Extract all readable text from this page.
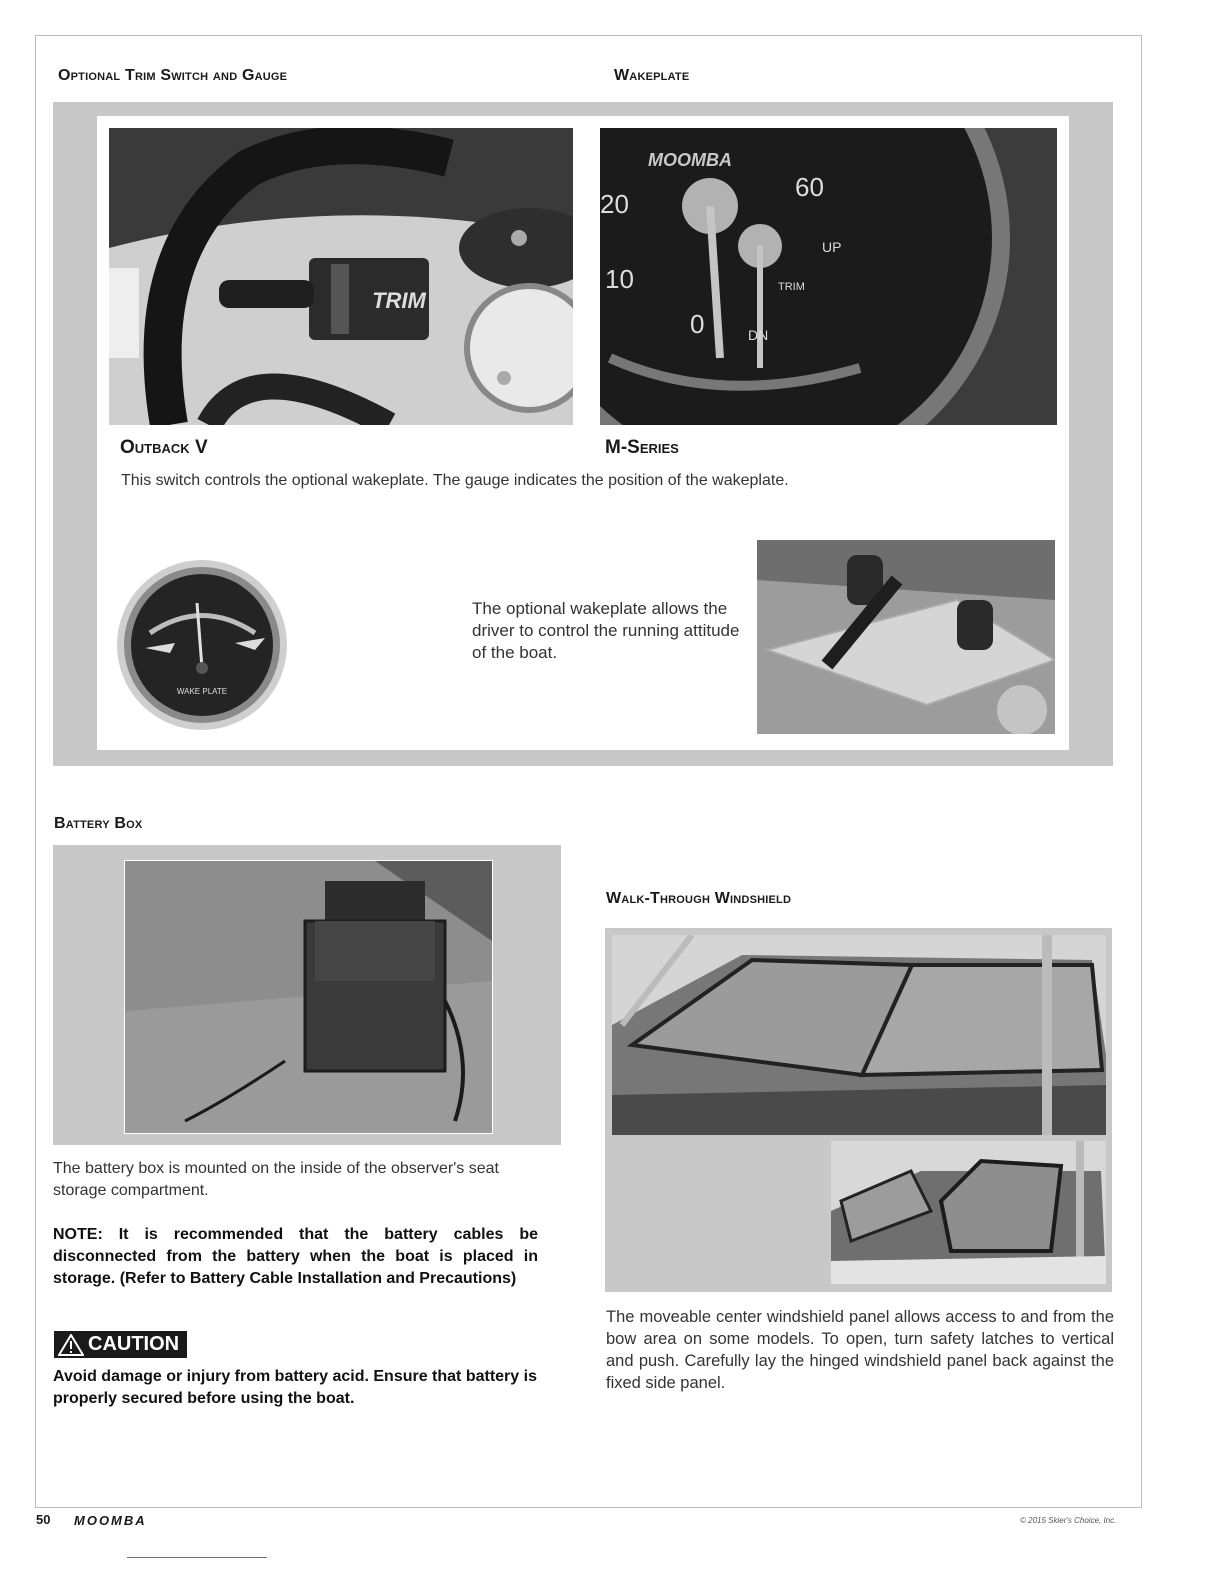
Optional Trim Switch and Gauge	Wakeplate
TRIM
MOOMBA
20
60
10
0
UP
DN
TRIM
Outback V	M-Series
This switch controls the optional wakeplate. The gauge indicates the position of the wakeplate.
WAKE PLATE
The optional wakeplate allows the driver to control the running attitude of the boat.
Battery Box
The battery box is mounted on the inside of the observer's seat storage compartment.
NOTE: It is recommended that the battery cables be disconnected from the battery when the boat is placed in storage. (Refer to Battery Cable Installation and Precautions)
CAUTION
Avoid damage or injury from battery acid. Ensure that battery is properly secured before using the boat.
Walk-Through Windshield
The moveable center windshield panel allows access to and from the bow area on some models. To open, turn safety latches to vertical and push. Carefully lay the hinged windshield panel back against the fixed side panel.
50 MOOMBA	© 2015 Skier's Choice, Inc.
